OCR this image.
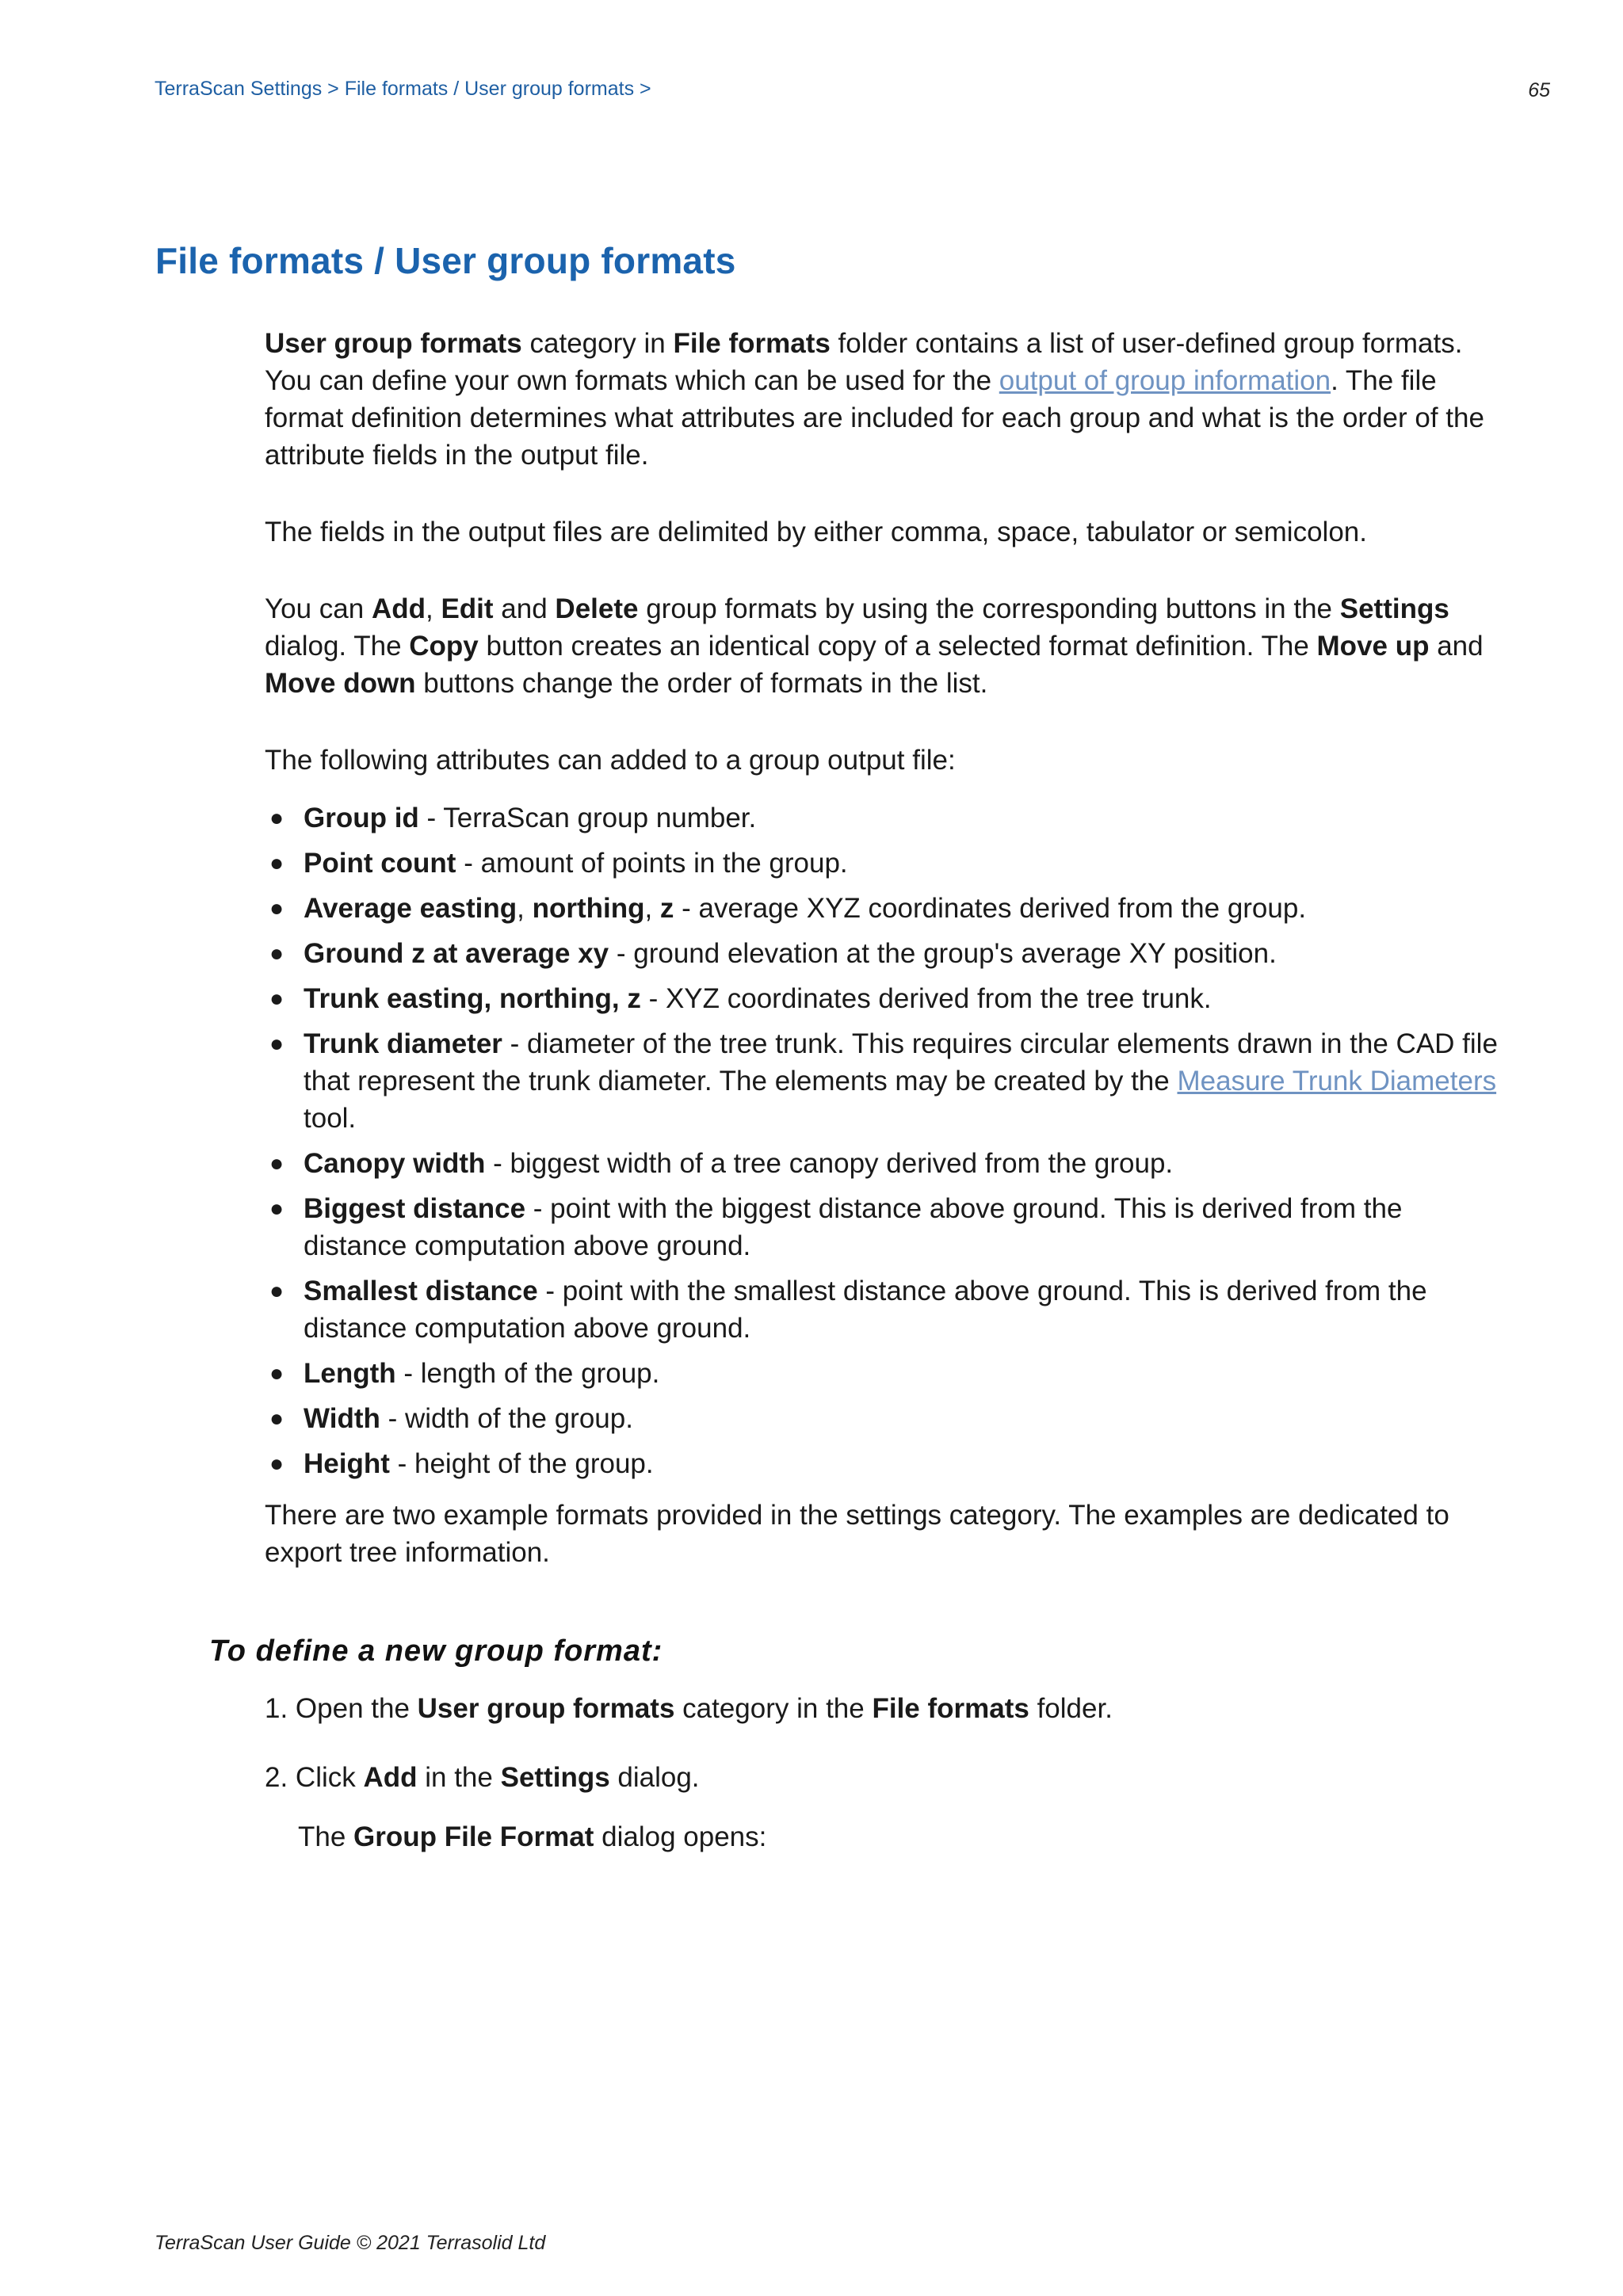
TerraScan Settings > File formats / User group formats >	65
File formats / User group formats

User group formats category in File formats folder contains a list of user-defined group formats. You can define your own formats which can be used for the output of group information. The file format definition determines what attributes are included for each group and what is the order of the attribute fields in the output file.

The fields in the output files are delimited by either comma, space, tabulator or semicolon.

You can Add, Edit and Delete group formats by using the corresponding buttons in the Settings dialog. The Copy button creates an identical copy of a selected format definition. The Move up and Move down buttons change the order of formats in the list.

The following attributes can added to a group output file:

● Group id - TerraScan group number.
● Point count - amount of points in the group.
● Average easting, northing, z - average XYZ coordinates derived from the group.
● Ground z at average xy - ground elevation at the group's average XY position.
● Trunk easting, northing, z - XYZ coordinates derived from the tree trunk.
● Trunk diameter - diameter of the tree trunk. This requires circular elements drawn in the CAD file that represent the trunk diameter. The elements may be created by the Measure Trunk Diameters tool.
● Canopy width - biggest width of a tree canopy derived from the group.
● Biggest distance - point with the biggest distance above ground. This is derived from the distance computation above ground.
● Smallest distance - point with the smallest distance above ground. This is derived from the distance computation above ground.
● Length - length of the group.
● Width - width of the group.
● Height - height of the group.

There are two example formats provided in the settings category. The examples are dedicated to export tree information.

To define a new group format:

1. Open the User group formats category in the File formats folder.

2. Click Add in the Settings dialog.

The Group File Format dialog opens:

TerraScan User Guide © 2021 Terrasolid Ltd
